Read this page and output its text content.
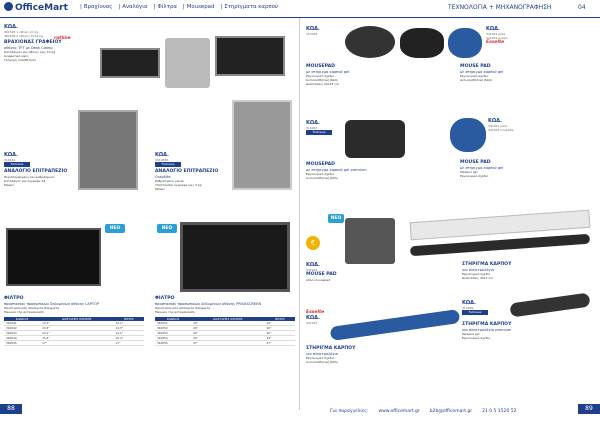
OfficeMart	| Βραχίονας	| Αναλόγια	| Φίλτρα	| Mousepad	| Στηρίγματα καρπού	ΤΕΧΝΟΛΟΓΙΑ + ΜΗΧΑΝΟΓΡΑΦΗΣΗ	04
ΚΩΔ.
481505 1 οθόνη 10 kg
481506 2 οθόνες 2x10 kg	rotline
ΒΡΑΧΙΟΝΑΣ ΓΡΑΦΕΙΟΥ
οθόνης TFT με Desk Clamp
Κατάλληλοι για οθόνες έως 10 kg
Ανυψωτικό ύψος
Γρήγορη τοποθέτηση
ΚΩΔ.
310041
Fellowes
ΑΝΑΛΟΓΙΟ ΕΠΙΤΡΑΠΕΖΙΟ
Περιστρεφόμενο και ρυθμιζόμενο
Κατάλληλο για έγγραφα A4
Μαύρο
ΚΩΔ.
3010856
Fellowes
ΑΝΑΛΟΓΙΟ ΕΠΙΤΡΑΠΕΖΙΟ
Graphite
Ρυθμιζόμενη γωνία
Υποστηρίζει έγγραφα έως 3 kg
Μαύρο
ΝΕΟ
ΦΙΛΤΡΟ
προστασίας προσωπικών δεδομένων οθόνης LAPTOP
Προστασία από αδιάκριτα βλέμματα
Μειώνει την αντανάκλαση
ΚΩΔΙΚΟΣ	ΔΙΑΣΤΑΣΕΙΣ ΟΘΟΝΗΣ	ΙΝΤΣΕΣ
310041	12.1"	12.1"
310042	13.3"	13.3"
310043	14.1"	14.1"
310044	15.4"	15.4"
310045	17"	17"
ΝΕΟ
ΦΙΛΤΡΟ
προστασίας προσωπικών δεδομένων οθόνης PRIVASCREEN
Προστασία από αδιάκριτα βλέμματα
Μειώνει την αντανάκλαση
ΚΩΔΙΚΟΣ	ΔΙΑΣΤΑΣΕΙΣ ΟΘΟΝΗΣ	ΙΝΤΣΕΣ
310051	19"	19"
310052	20"	20"
310053	22"	22"
310054	24"	24"
310055	27"	27"
88
ΚΩΔ.
315003
MOUSEPAD
με στήριγμα καρπού gel
Εργονομικό σχέδιο
Αντιολισθητική βάση
Διαστάσεις 20x23 cm
ΚΩΔ.
341921 μπλε
341922 μαύρο
Esselte
MOUSE PAD
με στήριγμα καρπού gel
Εργονομικό σχέδιο
Αντιολισθητική βάση
ΚΩΔ.
310067
Fellowes
MOUSEPAD
με στήριγμα καρπού gel premium
Εργονομικό σχέδιο
Αντιολισθητική βάση
ΚΩΔ.
341921 μπλε
341923 Graphite
MOUSE PAD
με στήριγμα καρπού gel
Μαλακό gel
Εργονομικό σχέδιο
€
ΝΕΟ
ΚΩΔ.
341926
MOUSE PAD
Απλό mousepad
ΣΤΗΡΙΓΜΑ ΚΑΡΠΟΥ
για πληκτρολόγιο
Εργονομικό σχέδιο
Διαστάσεις 49x7 cm
Esselte
ΚΩΔ.
341937
ΣΤΗΡΙΓΜΑ ΚΑΡΠΟΥ
για πληκτρολόγιο
Εργονομικό σχέδιο
Αντιολισθητική βάση
ΚΩΔ.
310069
Fellowes
ΣΤΗΡΙΓΜΑ ΚΑΡΠΟΥ
για πληκτρολόγιο premium
Μαλακό gel
Εργονομικό σχέδιο
Για παραγγελίες: www.officemart.gr b2b@officemart.gr 21 0 5 1520 52	89
